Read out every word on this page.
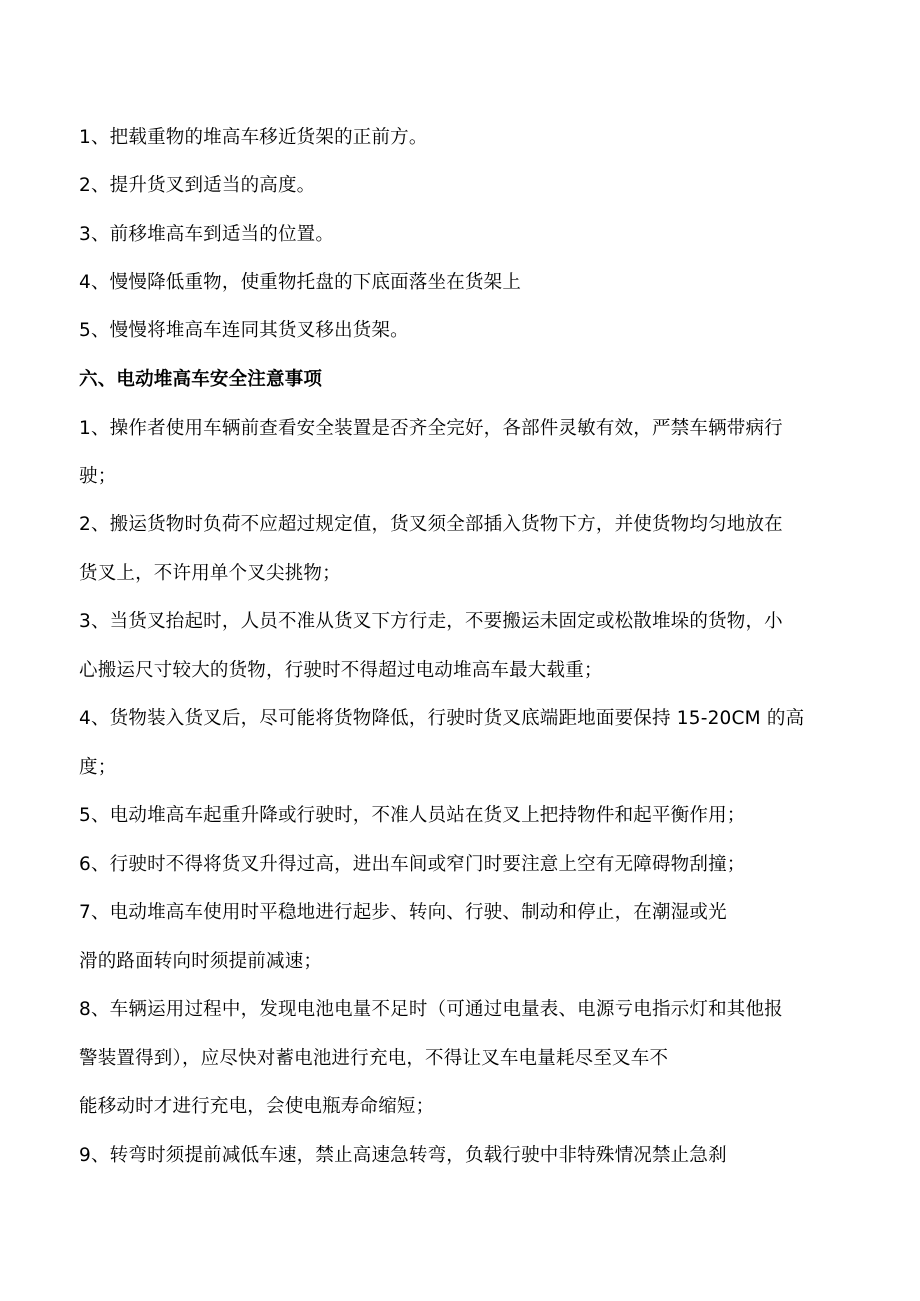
1、把载重物的堆高车移近货架的正前方。

2、提升货叉到适当的高度。

3、前移堆高车到适当的位置。

4、慢慢降低重物，使重物托盘的下底面落坐在货架上

5、慢慢将堆高车连同其货叉移出货架。

六、电动堆高车安全注意事项

1、操作者使用车辆前查看安全装置是否齐全完好，各部件灵敏有效，严禁车辆带病行

驶；

2、搬运货物时负荷不应超过规定值，货叉须全部插入货物下方，并使货物均匀地放在

货叉上，不许用单个叉尖挑物；

3、当货叉抬起时，人员不准从货叉下方行走，不要搬运未固定或松散堆垛的货物，小

心搬运尺寸较大的货物，行驶时不得超过电动堆高车最大载重；

4、货物装入货叉后，尽可能将货物降低，行驶时货叉底端距地面要保持 15-20CM 的高

度；

5、电动堆高车起重升降或行驶时，不准人员站在货叉上把持物件和起平衡作用；

6、行驶时不得将货叉升得过高，进出车间或窄门时要注意上空有无障碍物刮撞；

7、电动堆高车使用时平稳地进行起步、转向、行驶、制动和停止，在潮湿或光

滑的路面转向时须提前减速；

8、车辆运用过程中，发现电池电量不足时（可通过电量表、电源亏电指示灯和其他报

警装置得到），应尽快对蓄电池进行充电，不得让叉车电量耗尽至叉车不

能移动时才进行充电，会使电瓶寿命缩短；

9、转弯时须提前减低车速，禁止高速急转弯，负载行驶中非特殊情况禁止急刹
